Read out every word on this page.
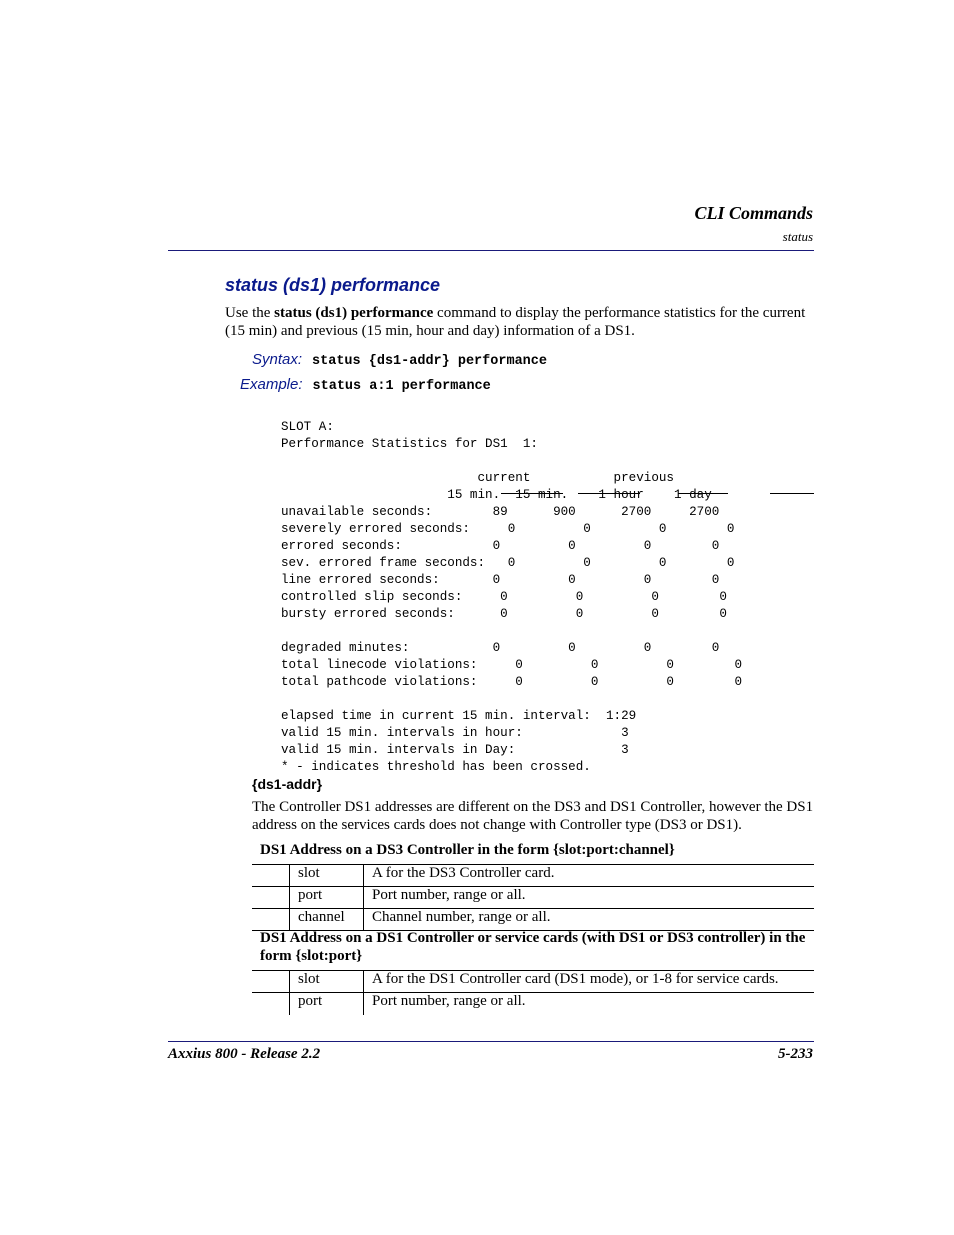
CLI Commands
status
status (ds1) performance
Use the status (ds1) performance command to display the performance statistics for the current (15 min) and previous (15 min, hour and day) information of a DS1.
Syntax: status {ds1-addr} performance
Example: status a:1 performance
SLOT A:
Performance Statistics for DS1  1:

current           previous
15 min.  15 min.    1 hour    1 day
unavailable seconds:        89      900      2700     2700
severely errored seconds:     0         0         0        0
errored seconds:            0         0         0        0
sev. errored frame seconds:   0         0         0        0
line errored seconds:       0         0         0        0
controlled slip seconds:     0         0         0        0
bursty errored seconds:      0         0         0        0

degraded minutes:           0         0         0        0
total linecode violations:     0         0         0        0
total pathcode violations:     0         0         0        0

elapsed time in current 15 min. interval:  1:29
valid 15 min. intervals in hour:             3
valid 15 min. intervals in Day:              3
* - indicates threshold has been crossed.
{ds1-addr}
The Controller DS1 addresses are different on the DS3 and DS1 Controller, however the DS1 address on the services cards does not change with Controller type (DS3 or DS1).
DS1 Address on a DS3 Controller in the form {slot:port:channel}
slot	A for the DS3 Controller card.
port	Port number, range or all.
channel Channel number, range or all.
DS1 Address on a DS1 Controller or service cards (with DS1 or DS3 controller) in the form {slot:port}
slot	A for the DS1 Controller card (DS1 mode), or 1-8 for service cards.
port	Port number, range or all.
Axxius 800 - Release 2.2	5-233
